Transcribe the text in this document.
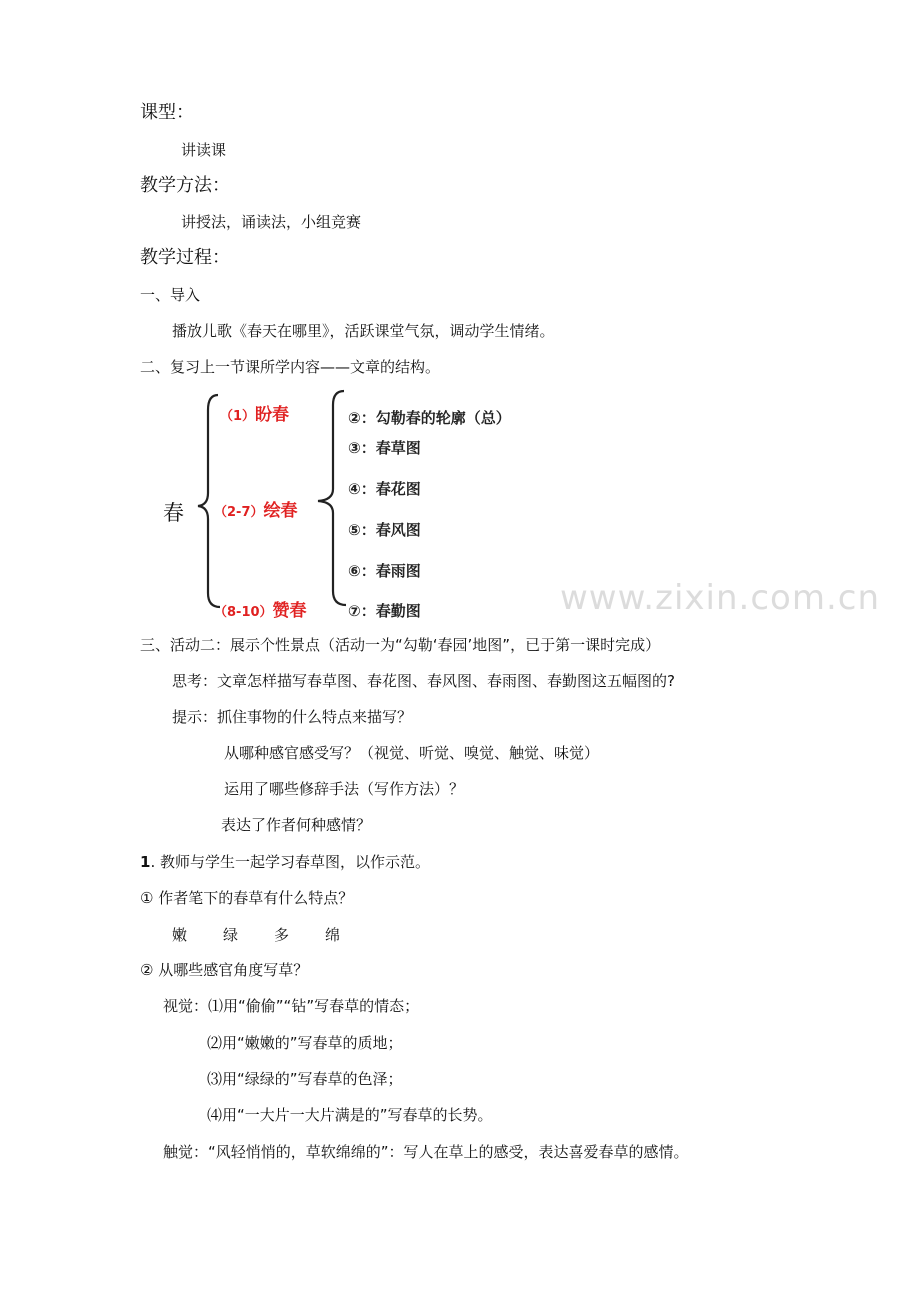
课型：
讲读课
教学方法：
讲授法，诵读法，小组竞赛
教学过程：
一、导入
播放儿歌《春天在哪里》，活跃课堂气氛，调动学生情绪。
二、复习上一节课所学内容——文章的结构。
春
（1）盼春
（2-7）绘春
（8-10）赞春
②：勾勒春的轮廓（总）
③：春草图
④：春花图
⑤：春风图
⑥：春雨图
⑦：春勤图	www.zixin.com.cn
三、活动二：展示个性景点（活动一为“勾勒‘春园’地图”，已于第一课时完成）
思考：文章怎样描写春草图、春花图、春风图、春雨图、春勤图这五幅图的?
提示：抓住事物的什么特点来描写？
从哪种感官感受写？（视觉、听觉、嗅觉、触觉、味觉）
运用了哪些修辞手法（写作方法）？
表达了作者何种感情？
1. 教师与学生一起学习春草图，以作示范。
① 作者笔下的春草有什么特点？
嫩 绿 多 绵
② 从哪些感官角度写草？
视觉：⑴用“偷偷”“钻”写春草的情态；
⑵用“嫩嫩的”写春草的质地；
⑶用“绿绿的”写春草的色泽；
⑷用“一大片一大片满是的”写春草的长势。
触觉：“风轻悄悄的，草软绵绵的”：写人在草上的感受，表达喜爱春草的感情。
